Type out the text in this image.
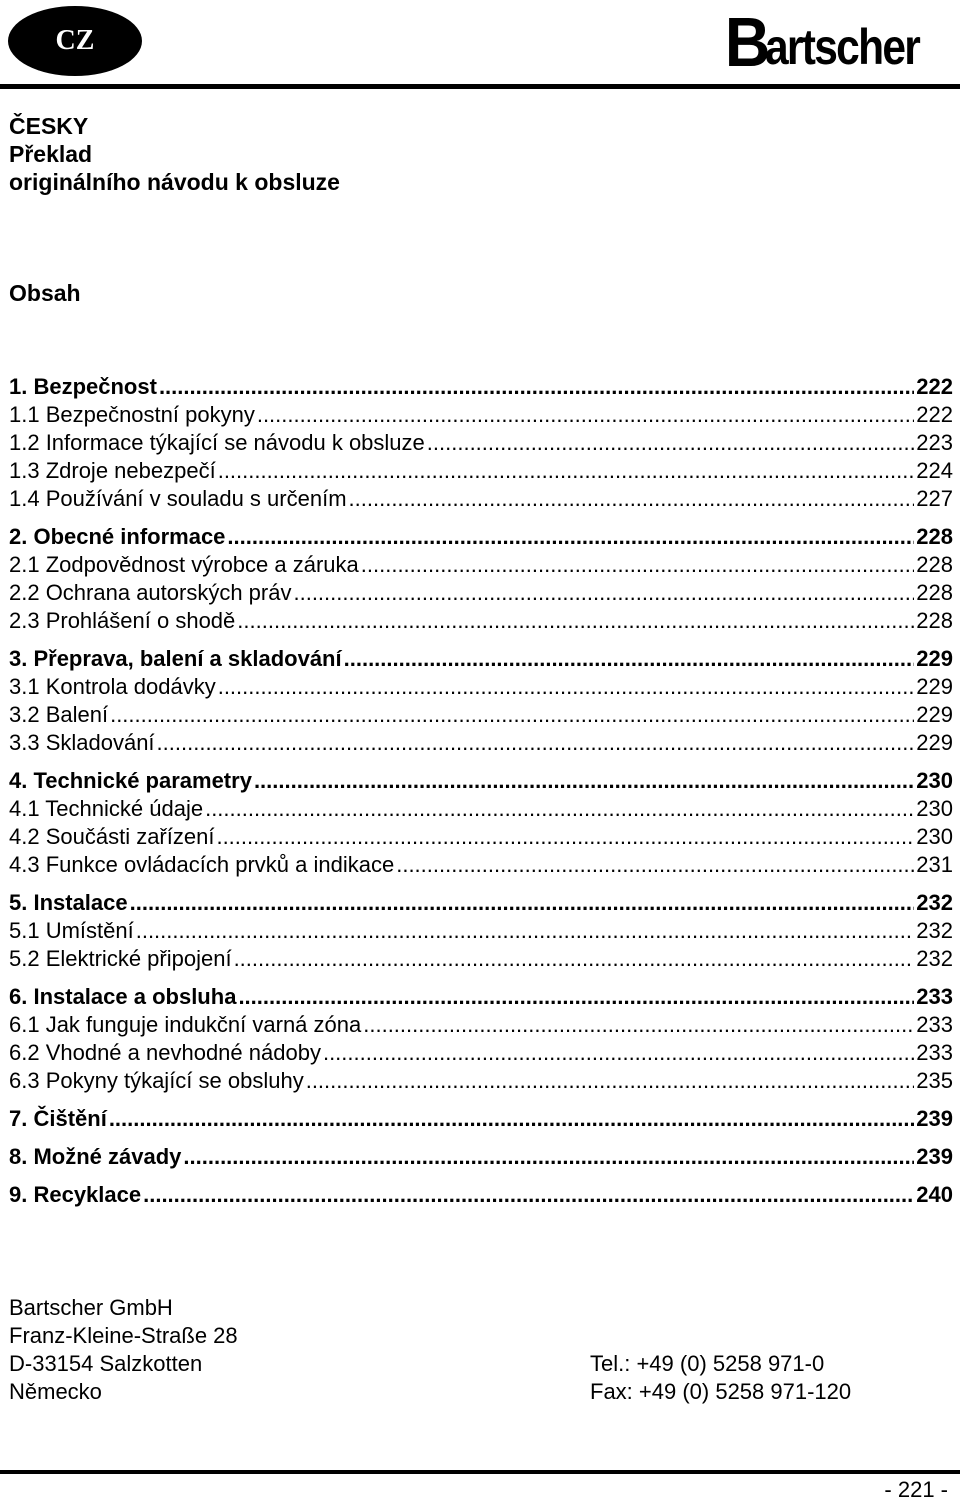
CZ	B
artscher
ČESKY
Překlad
originálního návodu k obsluze
Obsah
1. Bezpečnost .....	222
1.1 Bezpečnostní pokyny .....	222
1.2 Informace týkající se návodu k obsluze .....	223
1.3 Zdroje nebezpečí .....	224
1.4 Používání v souladu s určením .....	227
2. Obecné informace .....	228
2.1 Zodpovědnost výrobce a záruka .....	228
2.2 Ochrana autorských práv .....	228
2.3 Prohlášení o shodě .....	228
3. Přeprava, balení a skladování .....	229
3.1 Kontrola dodávky .....	229
3.2 Balení .....	229
3.3 Skladování .....	229
4. Technické parametry .....	230
4.1 Technické údaje .....	230
4.2 Součásti zařízení .....	230
4.3 Funkce ovládacích prvků a indikace .....	231
5. Instalace .....	232
5.1 Umístění .....	232
5.2 Elektrické připojení .....	232
6. Instalace a obsluha .....	233
6.1 Jak funguje indukční varná zóna .....	233
6.2 Vhodné a nevhodné nádoby .....	233
6.3 Pokyny týkající se obsluhy .....	235
7. Čištění .....	239
8. Možné závady .....	239
9. Recyklace .....	240
Bartscher GmbH
Franz-Kleine-Straße 28
D-33154 Salzkotten
Německo
Tel.: +49 (0) 5258 971-0
Fax: +49 (0) 5258 971-120
- 221 -
